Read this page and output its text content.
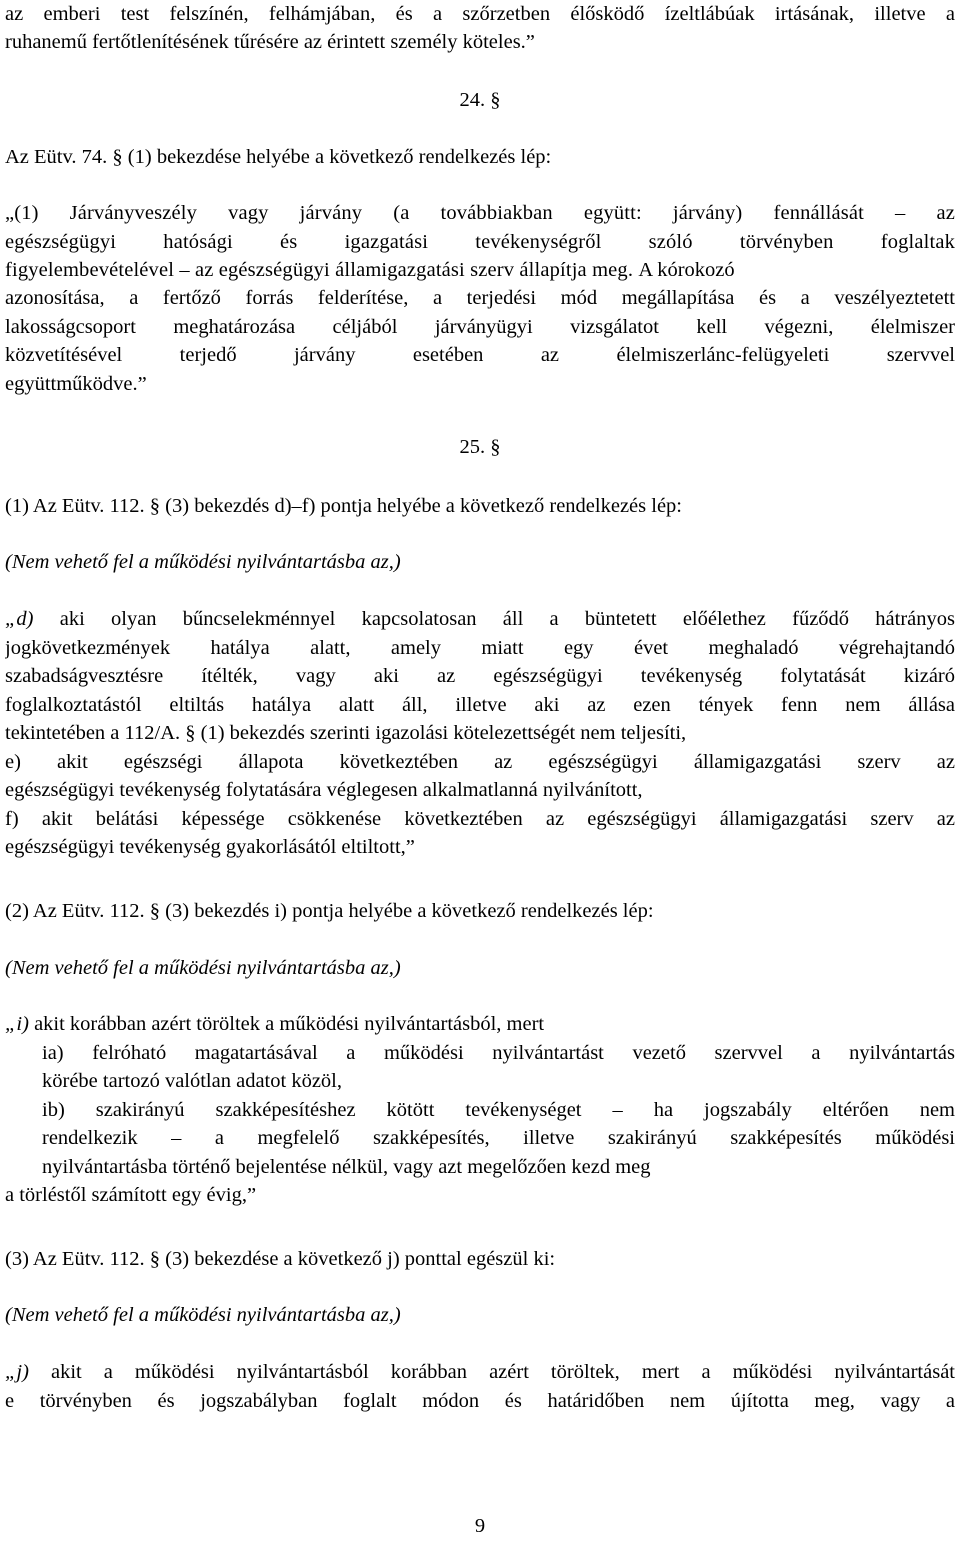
az emberi test felszínén, felhámjában, és a szőrzetben élősködő ízeltlábúak irtásának, illetve a
ruhanemű fertőtlenítésének tűrésére az érintett személy köteles.”
24. §
Az Eütv. 74. § (1) bekezdése helyébe a következő rendelkezés lép:
„(1) Járványveszély vagy járvány (a továbbiakban együtt: járvány) fennállását – az
egészségügyi hatósági és igazgatási tevékenységről szóló törvényben foglaltak
figyelembevételével – az egészségügyi államigazgatási szerv állapítja meg. A kórokozó
azonosítása, a fertőző forrás felderítése, a terjedési mód megállapítása és a veszélyeztetett
lakosságcsoport meghatározása céljából járványügyi vizsgálatot kell végezni, élelmiszer
közvetítésével terjedő járvány esetében az élelmiszerlánc-felügyeleti szervvel
együttműködve.”
25. §
(1) Az Eütv. 112. § (3) bekezdés d)–f) pontja helyébe a következő rendelkezés lép:
(Nem vehető fel a működési nyilvántartásba az,)
„d) aki olyan bűncselekménnyel kapcsolatosan áll a büntetett előélethez fűződő hátrányos
jogkövetkezmények hatálya alatt, amely miatt egy évet meghaladó végrehajtandó
szabadságvesztésre ítélték, vagy aki az egészségügyi tevékenység folytatását kizáró
foglalkoztatástól eltiltás hatálya alatt áll, illetve aki az ezen tények fenn nem állása
tekintetében a 112/A. § (1) bekezdés szerinti igazolási kötelezettségét nem teljesíti,
e) akit egészségi állapota következtében az egészségügyi államigazgatási szerv az
egészségügyi tevékenység folytatására véglegesen alkalmatlanná nyilvánított,
f) akit belátási képessége csökkenése következtében az egészségügyi államigazgatási szerv az
egészségügyi tevékenység gyakorlásától eltiltott,”
(2) Az Eütv. 112. § (3) bekezdés i) pontja helyébe a következő rendelkezés lép:
(Nem vehető fel a működési nyilvántartásba az,)
„i) akit korábban azért töröltek a működési nyilvántartásból, mert
ia) felróható magatartásával a működési nyilvántartást vezető szervvel a nyilvántartás
körébe tartozó valótlan adatot közöl,
ib) szakirányú szakképesítéshez kötött tevékenységet – ha jogszabály eltérően nem
rendelkezik – a megfelelő szakképesítés, illetve szakirányú szakképesítés működési
nyilvántartásba történő bejelentése nélkül, vagy azt megelőzően kezd meg
a törléstől számított egy évig,”
(3) Az Eütv. 112. § (3) bekezdése a következő j) ponttal egészül ki:
(Nem vehető fel a működési nyilvántartásba az,)
„j) akit a működési nyilvántartásból korábban azért töröltek, mert a működési nyilvántartását
e törvényben és jogszabályban foglalt módon és határidőben nem újította meg, vagy a
9
